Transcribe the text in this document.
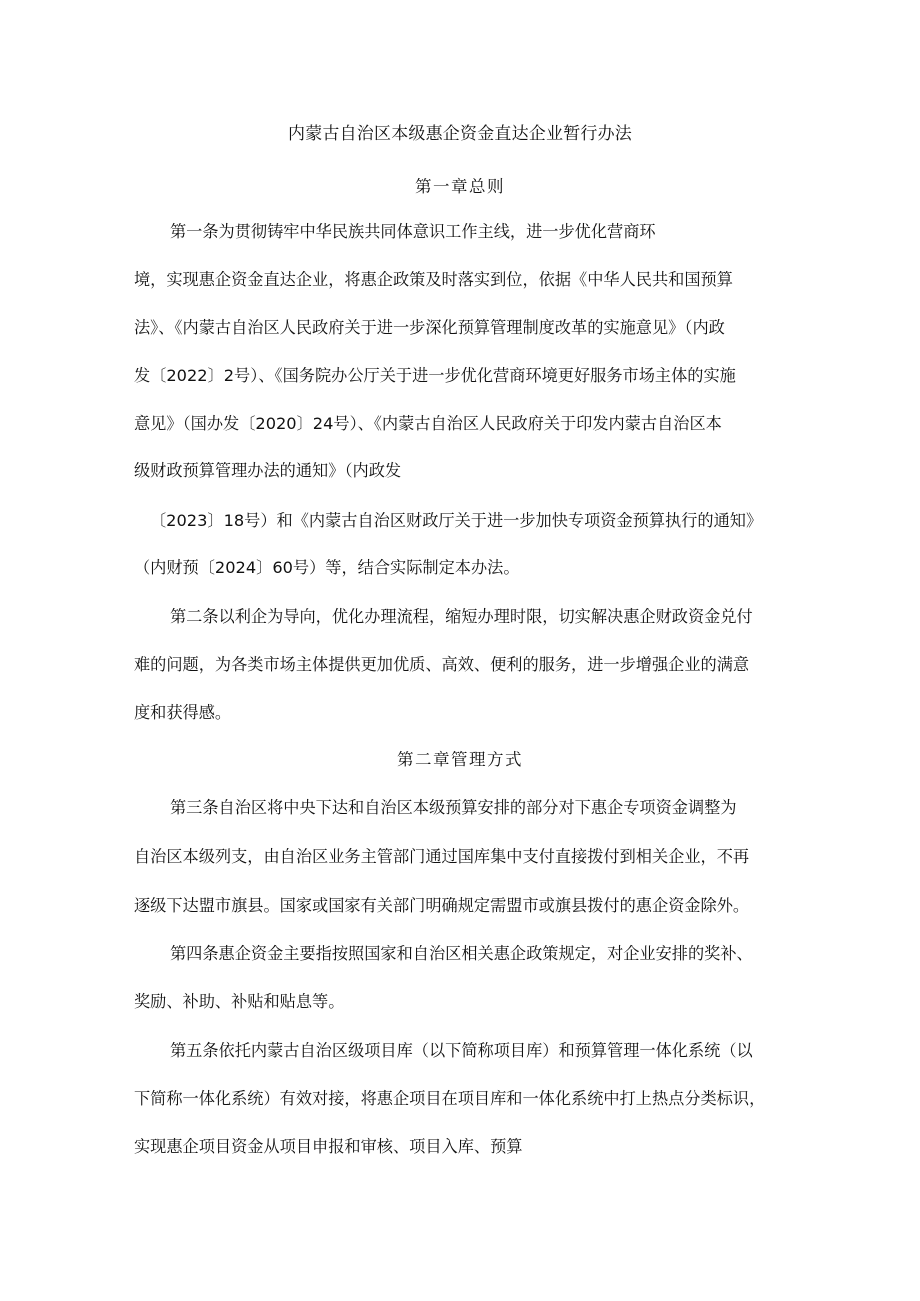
内蒙古自治区本级惠企资金直达企业暂行办法
第一章总则
第一条为贯彻铸牢中华民族共同体意识工作主线，进一步优化营商环
境，实现惠企资金直达企业，将惠企政策及时落实到位，依据《中华人民共和国预算
法》、《内蒙古自治区人民政府关于进一步深化预算管理制度改革的实施意见》（内政
发〔2022〕2号）、《国务院办公厅关于进一步优化营商环境更好服务市场主体的实施
意见》（国办发〔2020〕24号）、《内蒙古自治区人民政府关于印发内蒙古自治区本
级财政预算管理办法的通知》（内政发
〔2023〕18号）和《内蒙古自治区财政厅关于进一步加快专项资金预算执行的通知》
（内财预〔2024〕60号）等，结合实际制定本办法。
第二条以利企为导向，优化办理流程，缩短办理时限，切实解决惠企财政资金兑付
难的问题，为各类市场主体提供更加优质、高效、便利的服务，进一步增强企业的满意
度和获得感。
第二章管理方式
第三条自治区将中央下达和自治区本级预算安排的部分对下惠企专项资金调整为
自治区本级列支，由自治区业务主管部门通过国库集中支付直接拨付到相关企业，不再
逐级下达盟市旗县。国家或国家有关部门明确规定需盟市或旗县拨付的惠企资金除外。
第四条惠企资金主要指按照国家和自治区相关惠企政策规定，对企业安排的奖补、
奖励、补助、补贴和贴息等。
第五条依托内蒙古自治区级项目库（以下简称项目库）和预算管理一体化系统（以
下简称一体化系统）有效对接，将惠企项目在项目库和一体化系统中打上热点分类标识，
实现惠企项目资金从项目申报和审核、项目入库、预算
